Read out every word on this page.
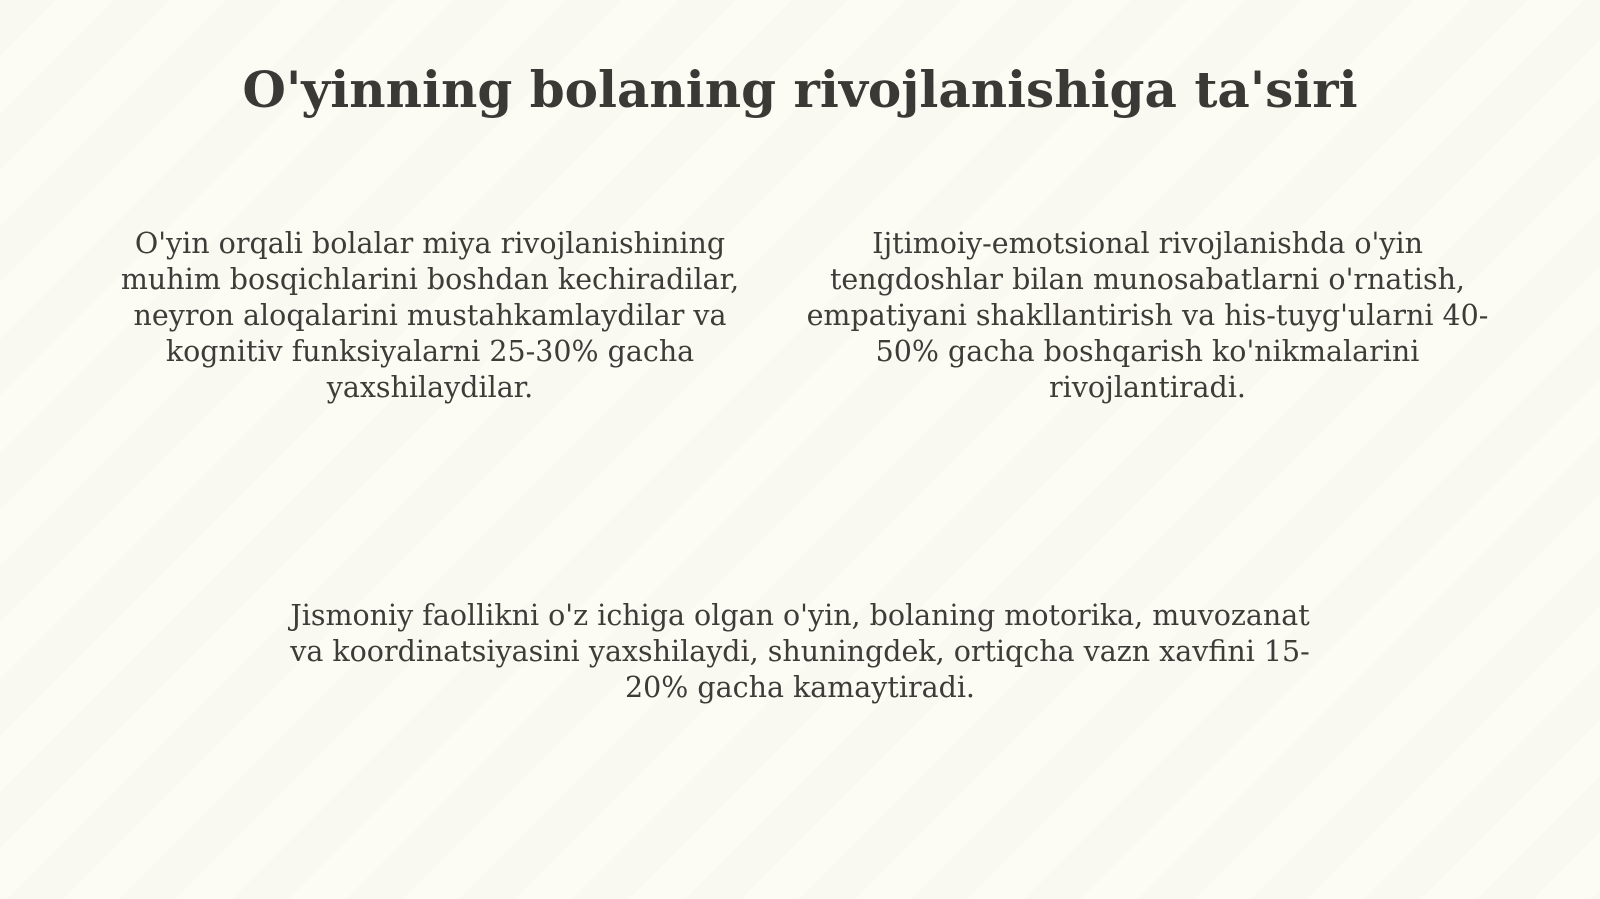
O'yinning bolaning rivojlanishiga ta'siri

O'yin orqali bolalar miya rivojlanishining muhim bosqichlarini boshdan kechiradilar, neyron aloqalarini mustahkamlaydilar va kognitiv funksiyalarni 25-30% gacha yaxshilaydilar.

Ijtimoiy-emotsional rivojlanishda o'yin tengdoshlar bilan munosabatlarni o'rnatish, empatiyani shakllantirish va his-tuyg'ularni 40-50% gacha boshqarish ko'nikmalarini rivojlantiradi.

Jismoniy faollikni o'z ichiga olgan o'yin, bolaning motorika, muvozanat va koordinatsiyasini yaxshilaydi, shuningdek, ortiqcha vazn xavfini 15-20% gacha kamaytiradi.
